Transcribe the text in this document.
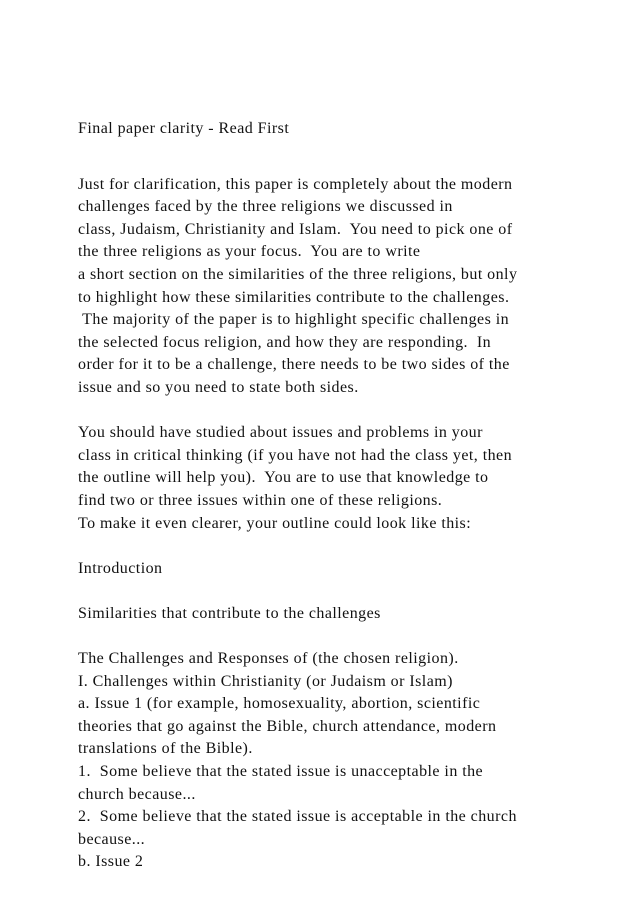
Final paper clarity - Read First
Just for clarification, this paper is completely about the modern
challenges faced by the three religions we discussed in
class, Judaism, Christianity and Islam.  You need to pick one of
the three religions as your focus.  You are to write
a short section on the similarities of the three religions, but only
to highlight how these similarities contribute to the challenges.
The majority of the paper is to highlight specific challenges in
the selected focus religion, and how they are responding.  In
order for it to be a challenge, there needs to be two sides of the
issue and so you need to state both sides.
You should have studied about issues and problems in your
class in critical thinking (if you have not had the class yet, then
the outline will help you).  You are to use that knowledge to
find two or three issues within one of these religions.
To make it even clearer, your outline could look like this:
Introduction
Similarities that contribute to the challenges
The Challenges and Responses of (the chosen religion).
I. Challenges within Christianity (or Judaism or Islam)
a. Issue 1 (for example, homosexuality, abortion, scientific
theories that go against the Bible, church attendance, modern
translations of the Bible).
1.  Some believe that the stated issue is unacceptable in the
church because...
2.  Some believe that the stated issue is acceptable in the church
because...
b. Issue 2
